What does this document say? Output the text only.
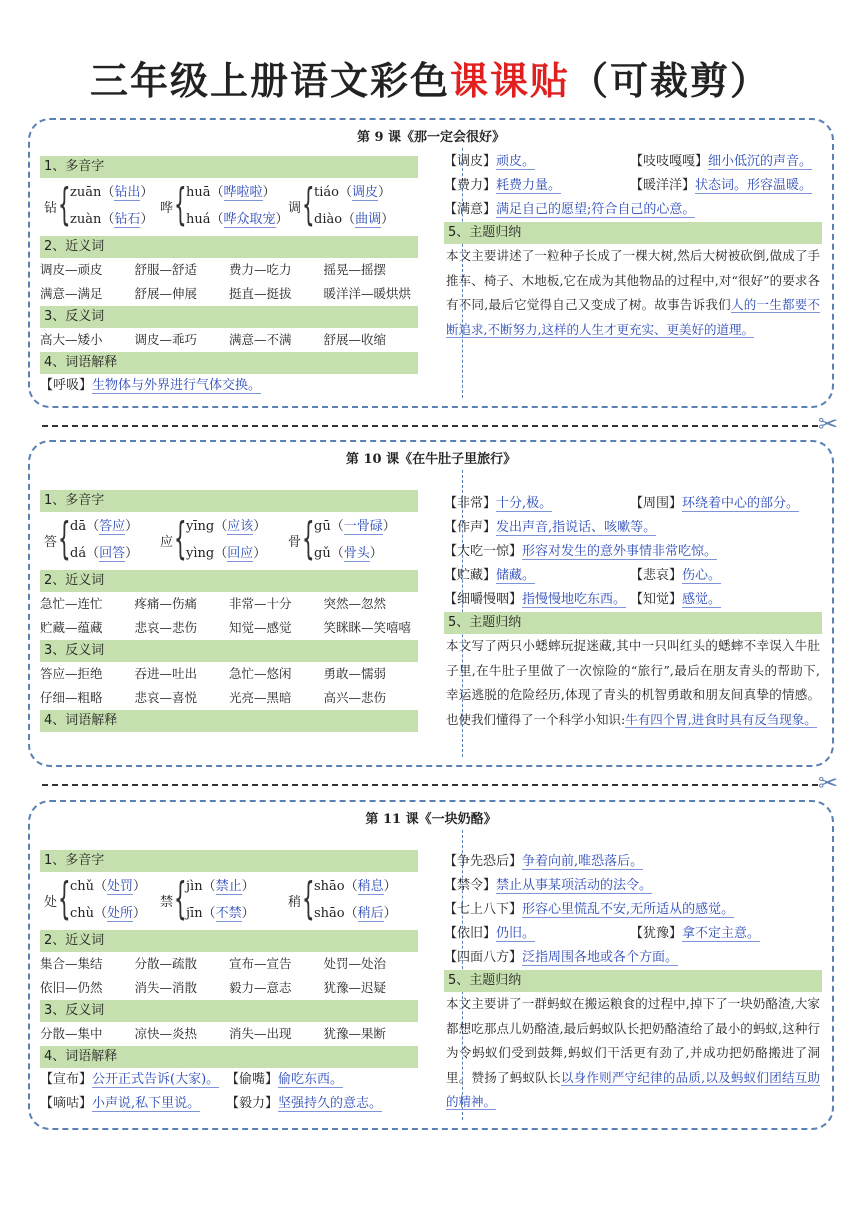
三年级上册语文彩色课课贴（可裁剪）
第 9 课《那一定会很好》
1、多音字
钻 { zuān（钻出）
zuàn（钻石）
哗 { huā（哗啦啦）
huá（哗众取宠）
调 { tiáo（调皮）
diào（曲调）
2、近义词
调皮—顽皮	舒服—舒适	费力—吃力	摇晃—摇摆
满意—满足	舒展—伸展	挺直—挺拔	暖洋洋—暖烘烘
3、反义词
高大—矮小	调皮—乖巧	满意—不满	舒展—收缩
4、词语解释
【呼吸】生物体与外界进行气体交换。
【调皮】顽皮。	【吱吱嘎嘎】细小低沉的声音。
【费力】耗费力量。	【暖洋洋】状态词。形容温暖。
【满意】满足自己的愿望;符合自己的心意。
5、主题归纳

本文主要讲述了一粒种子长成了一棵大树,然后大树被砍倒,做成了手推车、椅子、木地板,它在成为其他物品的过程中,对“很好”的要求各有不同,最后它觉得自己又变成了树。故事告诉我们人的一生都要不断追求,不断努力,这样的人生才更充实、更美好的道理。

第 10 课《在牛肚子里旅行》
1、多音字
答 { dā（答应）
dá（回答）
应 { yīng（应该）
yìng（回应）
骨 { gū（一骨碌）
gǔ（骨头）
2、近义词
急忙—连忙	疼痛—伤痛	非常—十分	突然—忽然
贮藏—蕴藏	悲哀—悲伤	知觉—感觉	笑眯眯—笑嘻嘻
3、反义词
答应—拒绝	吞进—吐出	急忙—悠闲	勇敢—懦弱
仔细—粗略	悲哀—喜悦	光亮—黑暗	高兴—悲伤
4、词语解释
【非常】十分,极。	【周围】环绕着中心的部分。
【作声】发出声音,指说话、咳嗽等。
【大吃一惊】形容对发生的意外事情非常吃惊。
【贮藏】储藏。	【悲哀】伤心。
【细嚼慢咽】指慢慢地吃东西。 【知觉】感觉。
5、主题归纳

本文写了两只小蟋蟀玩捉迷藏,其中一只叫红头的蟋蟀不幸误入牛肚子里,在牛肚子里做了一次惊险的“旅行”,最后在朋友青头的帮助下,幸运逃脱的危险经历,体现了青头的机智勇敢和朋友间真挚的情感。也使我们懂得了一个科学小知识:牛有四个胃,进食时具有反刍现象。

第 11 课《一块奶酪》
1、多音字
处 { chǔ（处罚）
chù（处所）
禁 { jìn（禁止）
jīn（不禁）
稍 { shāo（稍息）
shāo（稍后）
2、近义词
集合—集结	分散—疏散	宣布—宣告	处罚—处治
依旧—仍然	消失—消散	毅力—意志	犹豫—迟疑
3、反义词
分散—集中	凉快—炎热	消失—出现	犹豫—果断
4、词语解释
【宣布】公开正式告诉(大家)。 【偷嘴】偷吃东西。
【嘀咕】小声说,私下里说。 【毅力】坚强持久的意志。
【争先恐后】争着向前,唯恐落后。
【禁令】禁止从事某项活动的法令。
【七上八下】形容心里慌乱不安,无所适从的感觉。
【依旧】仍旧。	【犹豫】拿不定主意。
【四面八方】泛指周围各地或各个方面。
5、主题归纳

本文主要讲了一群蚂蚁在搬运粮食的过程中,掉下了一块奶酪渣,大家都想吃那点儿奶酪渣,最后蚂蚁队长把奶酪渣给了最小的蚂蚁,这种行为令蚂蚁们受到鼓舞,蚂蚁们干活更有劲了,并成功把奶酪搬进了洞里。赞扬了蚂蚁队长以身作则严守纪律的品质,以及蚂蚁们团结互助的精神。

✂
✂
